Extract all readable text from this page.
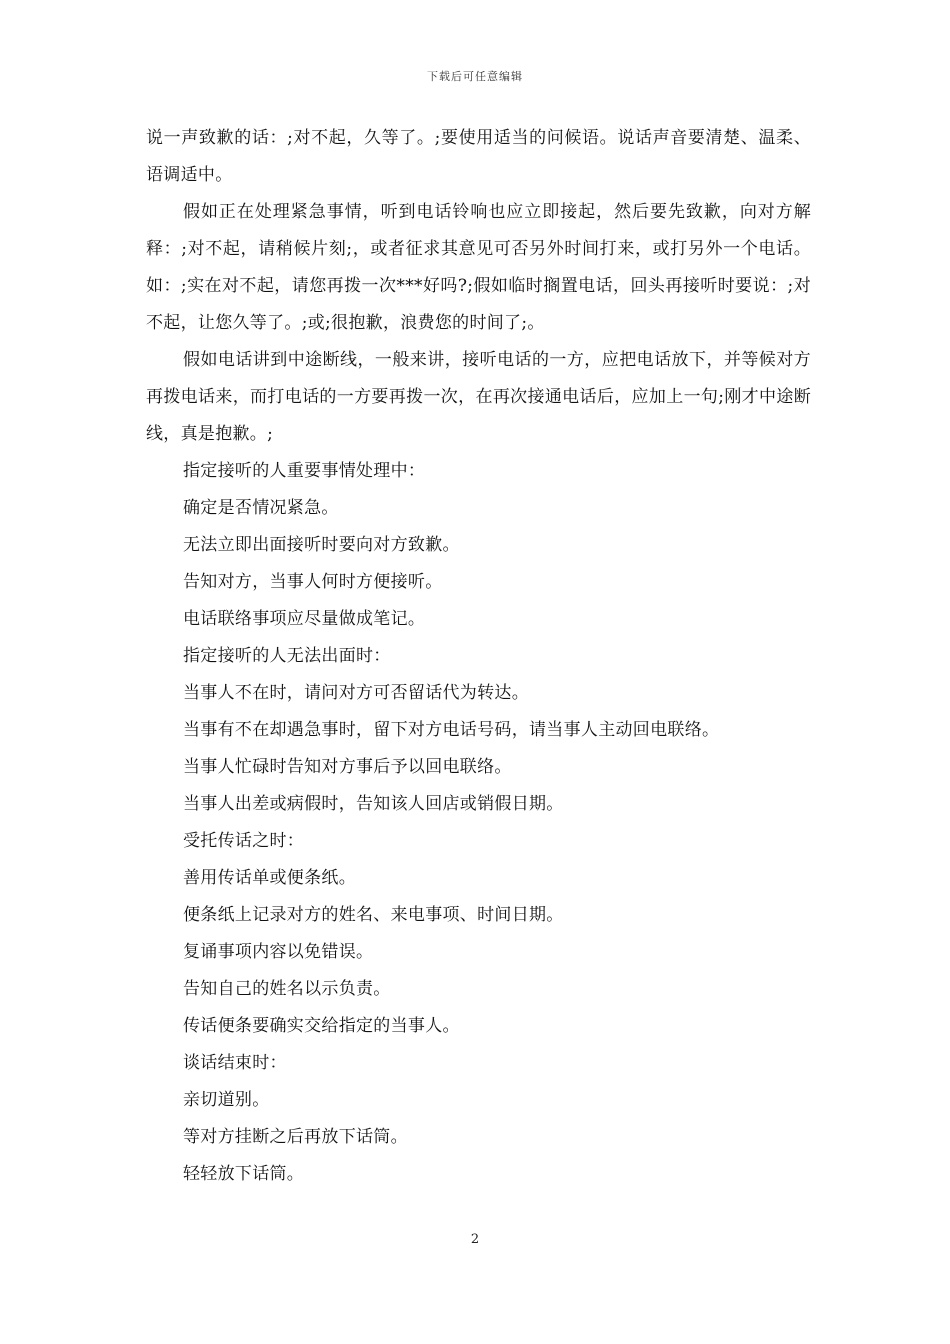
下载后可任意编辑

说一声致歉的话：;对不起，久等了。;要使用适当的问候语。说话声音要清楚、温柔、语调适中。

假如正在处理紧急事情，听到电话铃响也应立即接起，然后要先致歉，向对方解释：;对不起，请稍候片刻;，或者征求其意见可否另外时间打来，或打另外一个电话。如：;实在对不起，请您再拨一次***好吗?;假如临时搁置电话，回头再接听时要说：;对不起，让您久等了。;或;很抱歉，浪费您的时间了;。

假如电话讲到中途断线，一般来讲，接听电话的一方，应把电话放下，并等候对方再拨电话来，而打电话的一方要再拨一次，在再次接通电话后，应加上一句;刚才中途断线，真是抱歉。;

指定接听的人重要事情处理中：

确定是否情况紧急。

无法立即出面接听时要向对方致歉。

告知对方，当事人何时方便接听。

电话联络事项应尽量做成笔记。

指定接听的人无法出面时：

当事人不在时，请问对方可否留话代为转达。

当事有不在却遇急事时，留下对方电话号码，请当事人主动回电联络。

当事人忙碌时告知对方事后予以回电联络。

当事人出差或病假时，告知该人回店或销假日期。

受托传话之时：

善用传话单或便条纸。

便条纸上记录对方的姓名、来电事项、时间日期。

复诵事项内容以免错误。

告知自己的姓名以示负责。

传话便条要确实交给指定的当事人。

谈话结束时：

亲切道别。

等对方挂断之后再放下话筒。

轻轻放下话筒。

2
